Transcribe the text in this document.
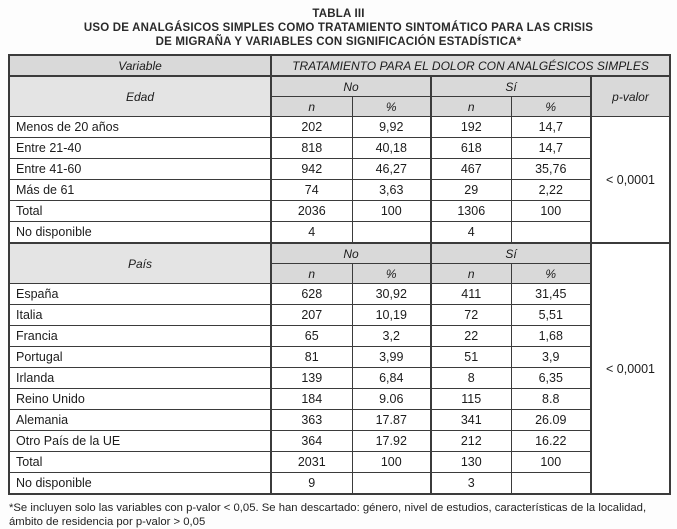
TABLA III
USO DE ANALGÁSICOS SIMPLES COMO TRATAMIENTO SINTOMÁTICO PARA LAS CRISIS
DE MIGRAÑA Y VARIABLES CON SIGNIFICACIÓN ESTADÍSTICA*
Variable	TRATAMIENTO PARA EL DOLOR CON ANALGÉSICOS SIMPLES				
Edad	No		Sí		p-valor
	n	%	n	%	
Menos de 20 años	202	9,92	192	14,7	< 0,0001
Entre 21-40	818	40,18	618	14,7	
Entre 41-60	942	46,27	467	35,76	
Más de 61	74	3,63	29	2,22	
Total	2036	100	1306	100	
No disponible	4		4		
País	No		Sí		< 0,0001
	n	%	n	%	
España	628	30,92	411	31,45	
Italia	207	10,19	72	5,51	
Francia	65	3,2	22	1,68	
Portugal	81	3,99	51	3,9	
Irlanda	139	6,84	8	6,35	
Reino Unido	184	9.06	115	8.8	
Alemania	363	17.87	341	26.09	
Otro País de la UE	364	17.92	212	16.22	
Total	2031	100	130	100	
No disponible	9		3		
*Se incluyen solo las variables con p-valor < 0,05. Se han descartado: género, nivel de estudios, características de la localidad, ámbito de residencia por p-valor > 0,05
